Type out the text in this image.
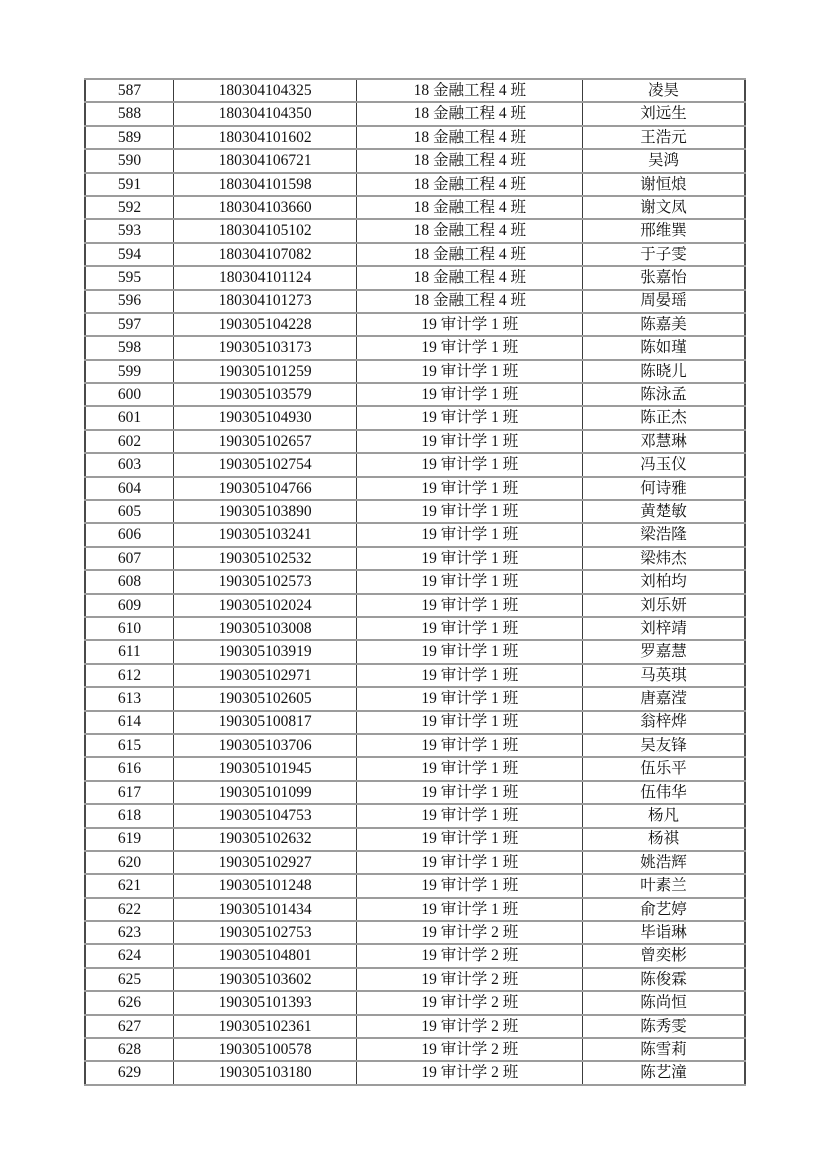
587	180304104325	18 金融工程 4 班	凌昊
588	180304104350	18 金融工程 4 班	刘远生
589	180304101602	18 金融工程 4 班	王浩元
590	180304106721	18 金融工程 4 班	吴鸿
591	180304101598	18 金融工程 4 班	谢恒烺
592	180304103660	18 金融工程 4 班	谢文凤
593	180304105102	18 金融工程 4 班	邢维巽
594	180304107082	18 金融工程 4 班	于子雯
595	180304101124	18 金融工程 4 班	张嘉怡
596	180304101273	18 金融工程 4 班	周晏瑶
597	190305104228	19 审计学 1 班	陈嘉美
598	190305103173	19 审计学 1 班	陈如瑾
599	190305101259	19 审计学 1 班	陈晓儿
600	190305103579	19 审计学 1 班	陈泳孟
601	190305104930	19 审计学 1 班	陈正杰
602	190305102657	19 审计学 1 班	邓慧琳
603	190305102754	19 审计学 1 班	冯玉仪
604	190305104766	19 审计学 1 班	何诗雅
605	190305103890	19 审计学 1 班	黄楚敏
606	190305103241	19 审计学 1 班	梁浩隆
607	190305102532	19 审计学 1 班	梁炜杰
608	190305102573	19 审计学 1 班	刘柏均
609	190305102024	19 审计学 1 班	刘乐妍
610	190305103008	19 审计学 1 班	刘梓靖
611	190305103919	19 审计学 1 班	罗嘉慧
612	190305102971	19 审计学 1 班	马英琪
613	190305102605	19 审计学 1 班	唐嘉滢
614	190305100817	19 审计学 1 班	翁梓烨
615	190305103706	19 审计学 1 班	吴友锋
616	190305101945	19 审计学 1 班	伍乐平
617	190305101099	19 审计学 1 班	伍伟华
618	190305104753	19 审计学 1 班	杨凡
619	190305102632	19 审计学 1 班	杨祺
620	190305102927	19 审计学 1 班	姚浩辉
621	190305101248	19 审计学 1 班	叶素兰
622	190305101434	19 审计学 1 班	俞艺婷
623	190305102753	19 审计学 2 班	毕诣琳
624	190305104801	19 审计学 2 班	曾奕彬
625	190305103602	19 审计学 2 班	陈俊霖
626	190305101393	19 审计学 2 班	陈尚恒
627	190305102361	19 审计学 2 班	陈秀雯
628	190305100578	19 审计学 2 班	陈雪莉
629	190305103180	19 审计学 2 班	陈艺潼
